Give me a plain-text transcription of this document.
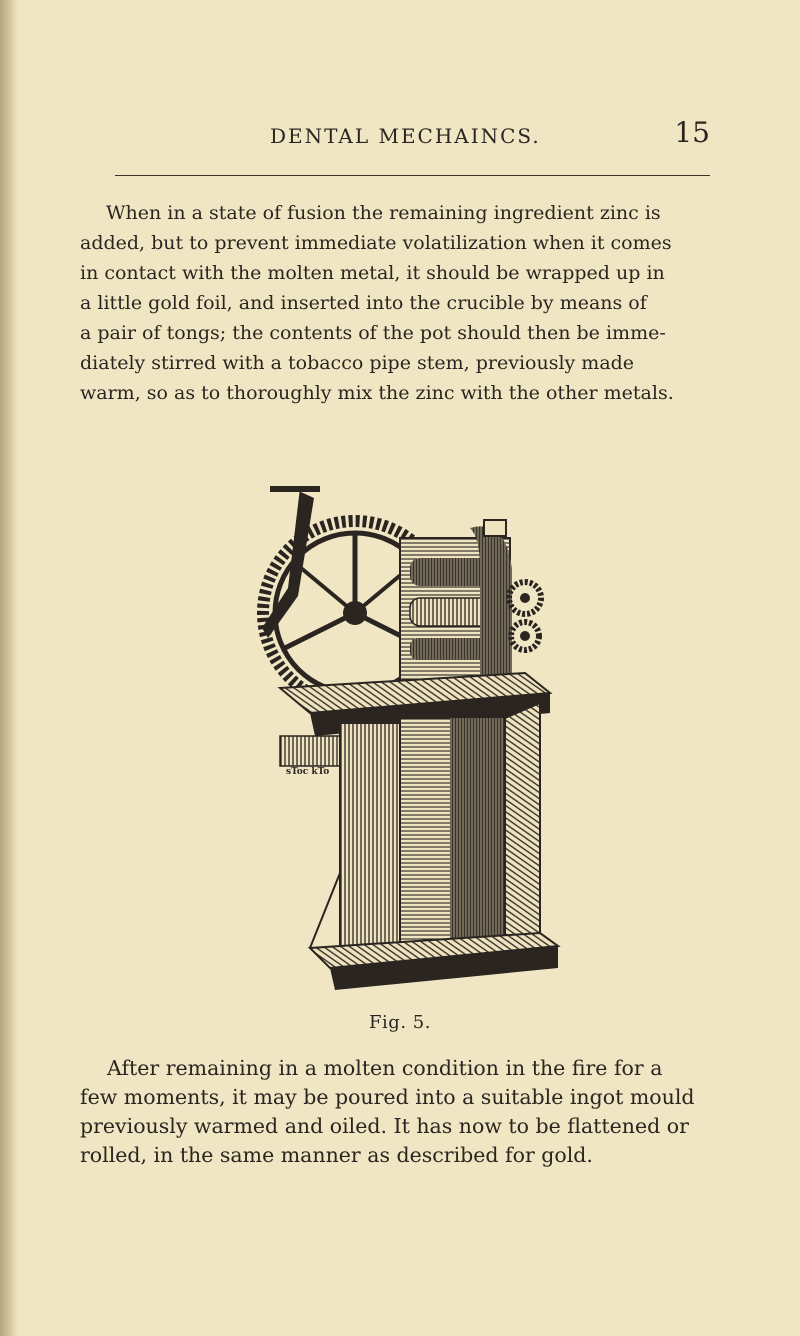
DENTAL MECHAINCS.	15

When in a state of fusion the remaining ingredient zinc is
added, but to prevent immediate volatilization when it comes
in contact with the molten metal, it should be wrapped up in
a little gold foil, and inserted into the crucible by means of
a pair of tongs; the contents of the pot should then be imme-
diately stirred with a tobacco pipe stem, previously made
warm, so as to thoroughly mix the zinc with the other metals.

sToc kTo
Fig. 5.

After remaining in a molten condition in the fire for a
few moments, it may be poured into a suitable ingot mould
previously warmed and oiled. It has now to be flattened or
rolled, in the same manner as described for gold.
